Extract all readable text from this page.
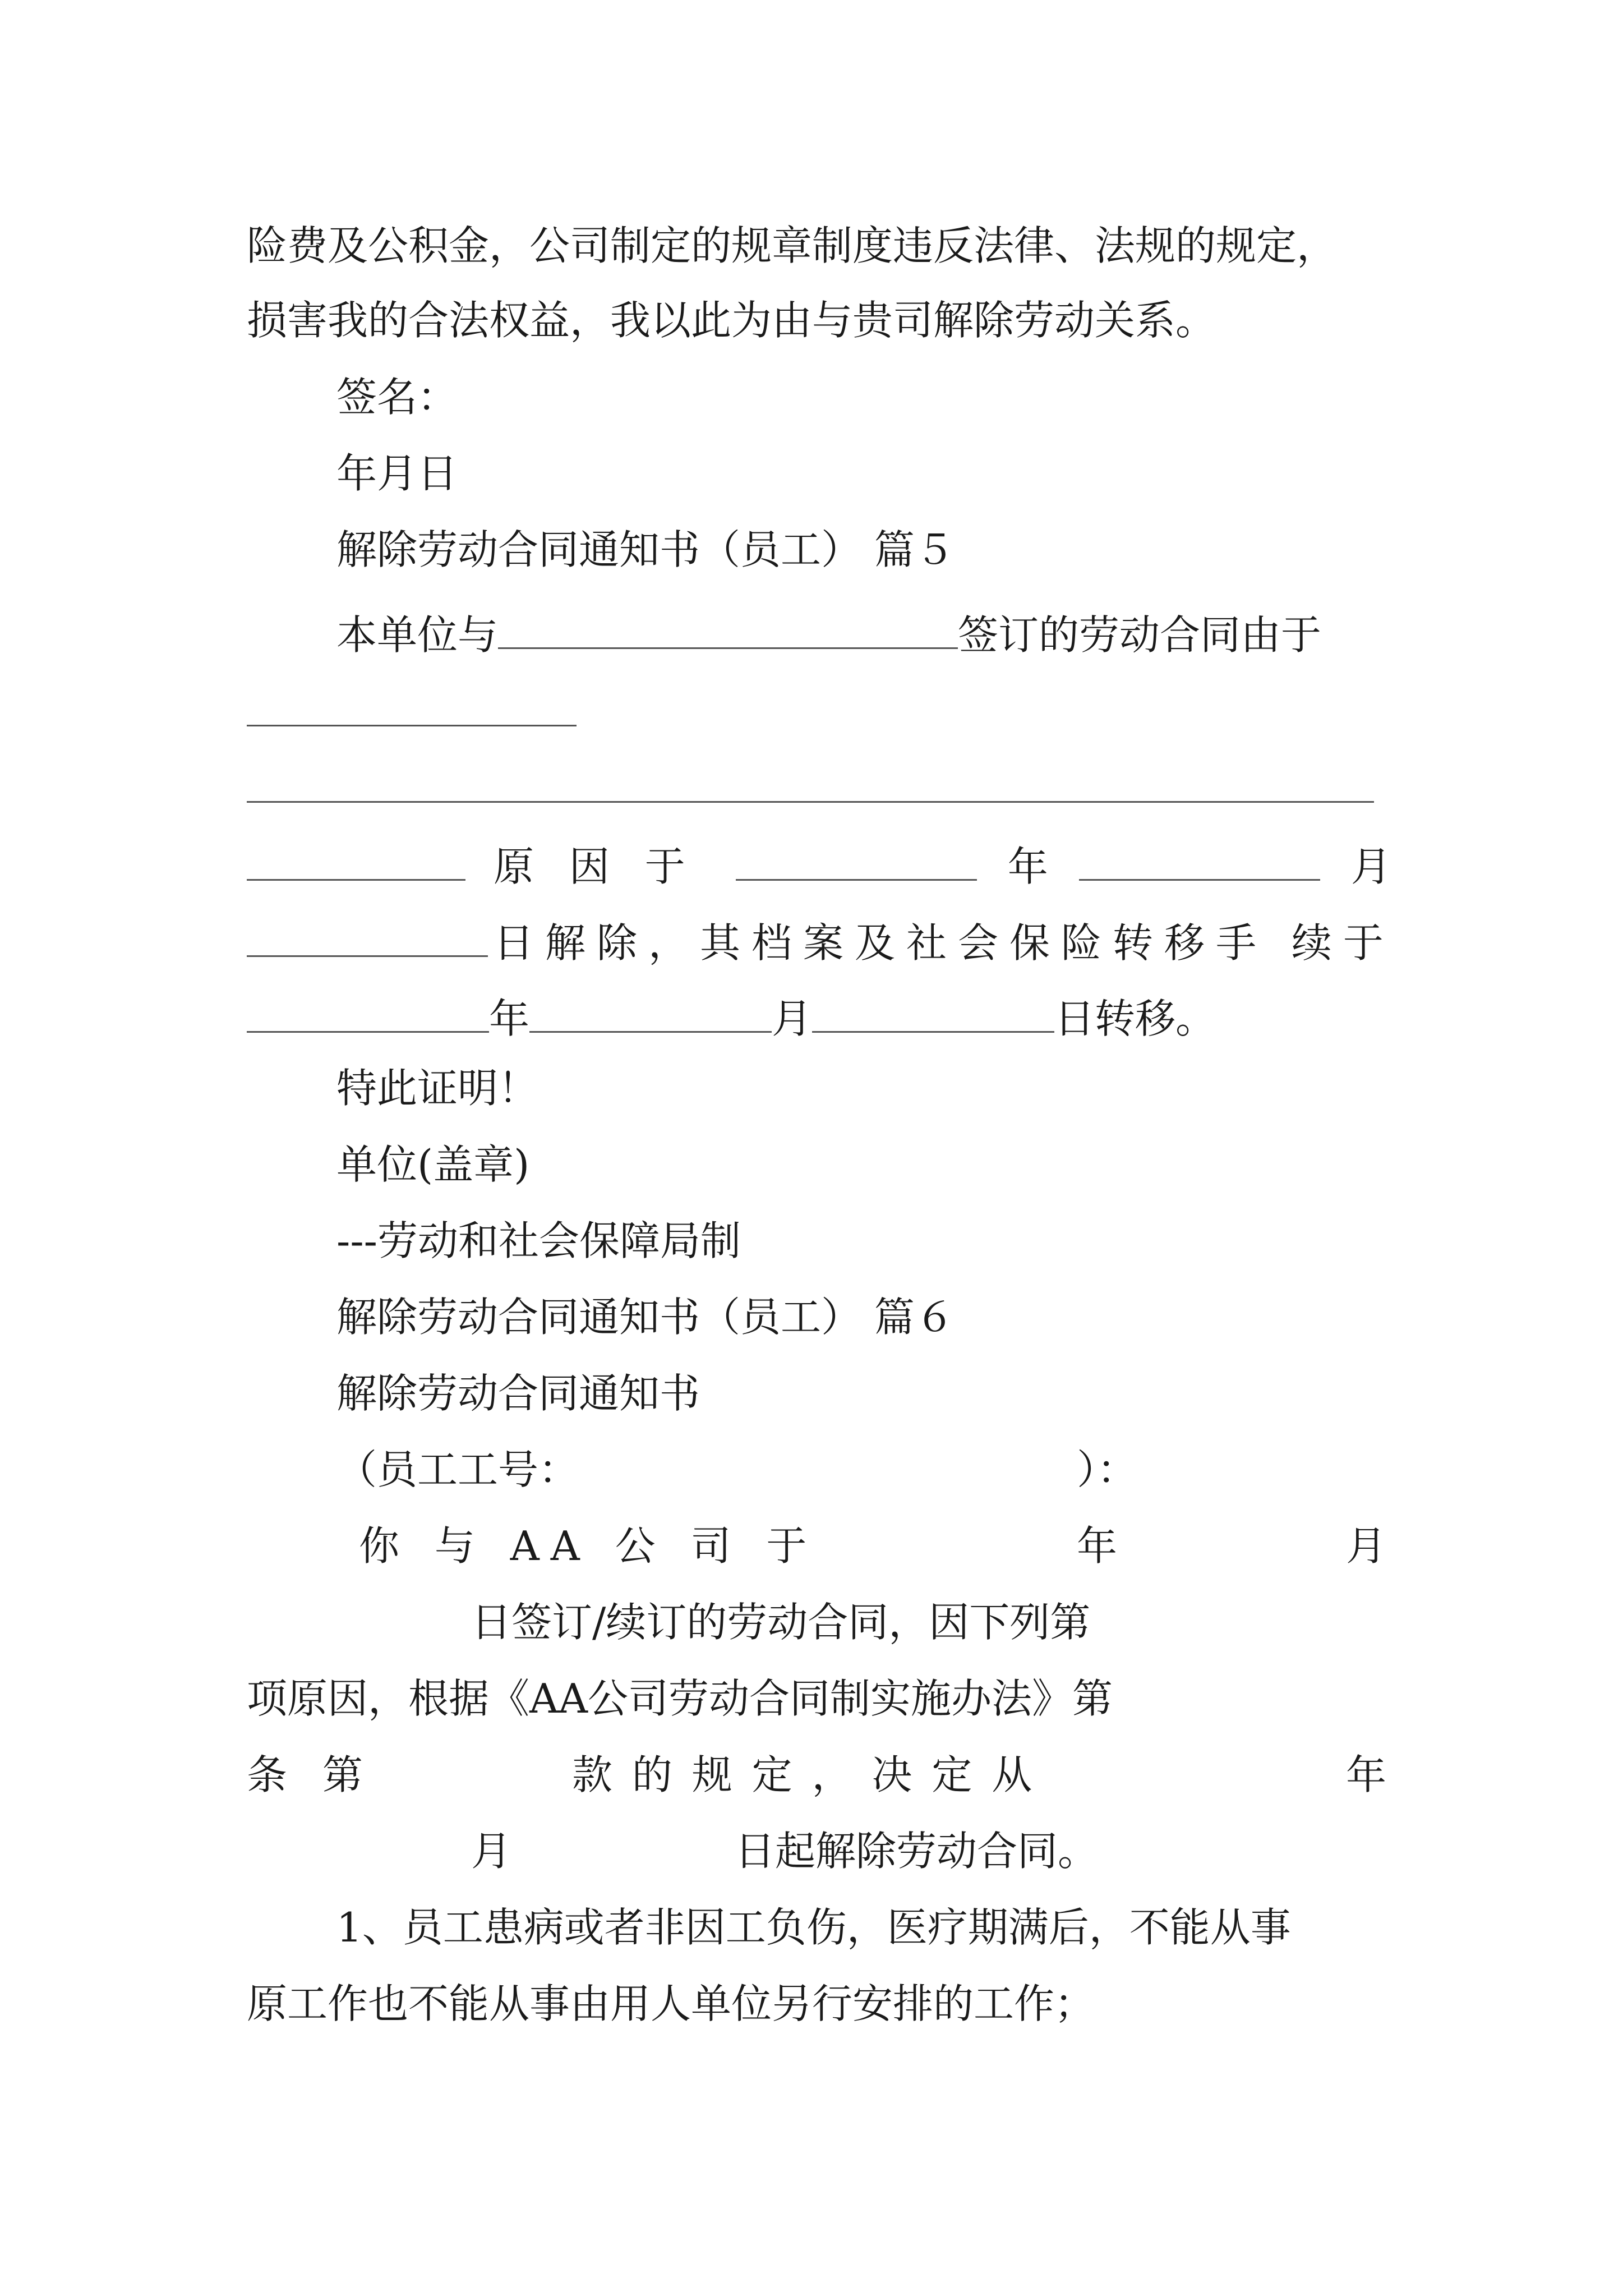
险费及公积金，公司制定的规章制度违反法律、法规的规定，
损害我的合法权益，我以此为由与贵司解除劳动关系。
签名：
年月日
解除劳动合同通知书（员工） 篇５
本单位与	签订的劳动合同由于
原 因 于	年	月
日解除，其档案及社会保险转移手 续于
年	月	日转移。
特此证明！
单位(盖章)
---劳动和社会保障局制
解除劳动合同通知书（员工） 篇６
解除劳动合同通知书
（员工工号：	）：
你 与 AA 公 司 于	年	月
日签订/续订的劳动合同，因下列第
项原因，根据《AA公司劳动合同制实施办法》第
条 第	款 的 规 定 ， 决 定 从	年
月	日起解除劳动合同。
1、员工患病或者非因工负伤，医疗期满后，不能从事
原工作也不能从事由用人单位另行安排的工作；
